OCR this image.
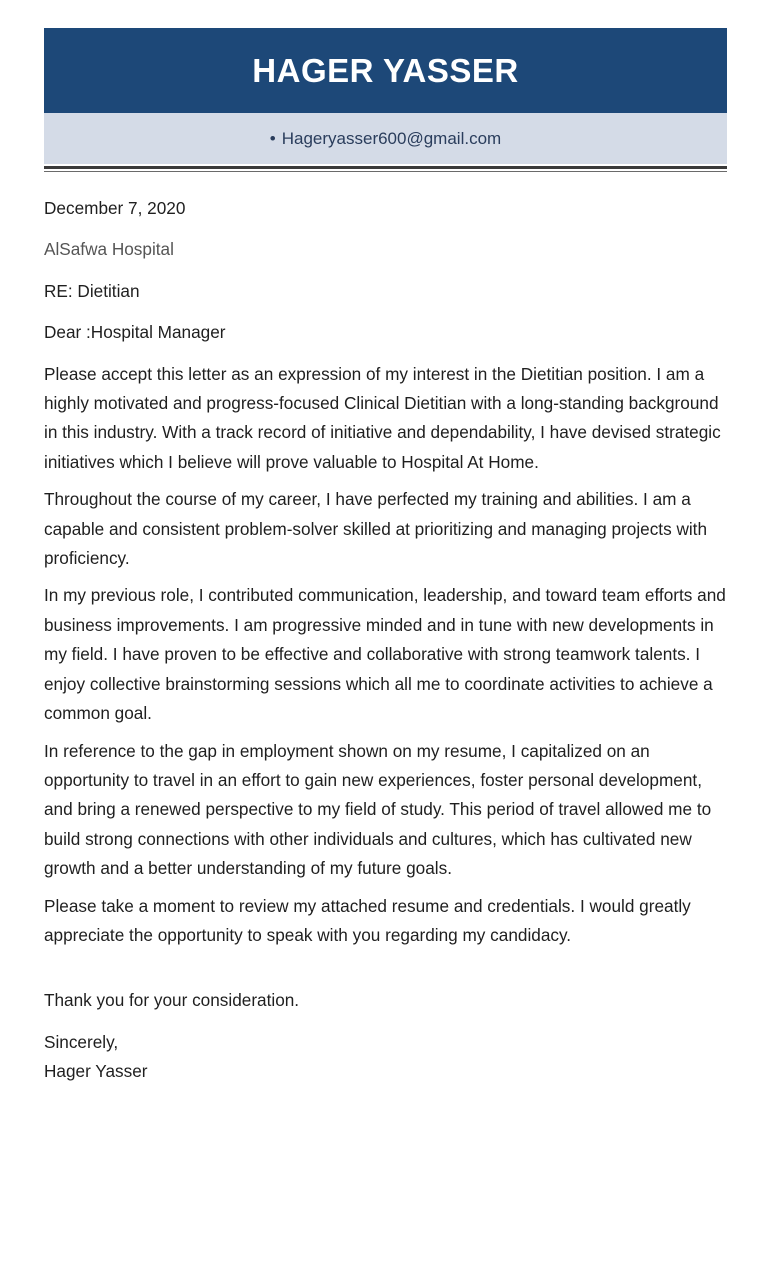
HAGER YASSER
• Hageryasser600@gmail.com

December 7, 2020

AlSafwa Hospital

RE: Dietitian

Dear :Hospital Manager

Please accept this letter as an expression of my interest in the Dietitian position. I am a highly motivated and progress-focused Clinical Dietitian with a long-standing background in this industry. With a track record of initiative and dependability, I have devised strategic initiatives which I believe will prove valuable to Hospital At Home.

Throughout the course of my career, I have perfected my training and abilities. I am a capable and consistent problem-solver skilled at prioritizing and managing projects with proficiency.

In my previous role, I contributed communication, leadership, and toward team efforts and business improvements. I am progressive minded and in tune with new developments in my field. I have proven to be effective and collaborative with strong teamwork talents. I enjoy collective brainstorming sessions which all me to coordinate activities to achieve a common goal.

In reference to the gap in employment shown on my resume, I capitalized on an opportunity to travel in an effort to gain new experiences, foster personal development, and bring a renewed perspective to my field of study. This period of travel allowed me to build strong connections with other individuals and cultures, which has cultivated new growth and a better understanding of my future goals.

Please take a moment to review my attached resume and credentials. I would greatly appreciate the opportunity to speak with you regarding my candidacy.

Thank you for your consideration.

Sincerely,

Hager Yasser
